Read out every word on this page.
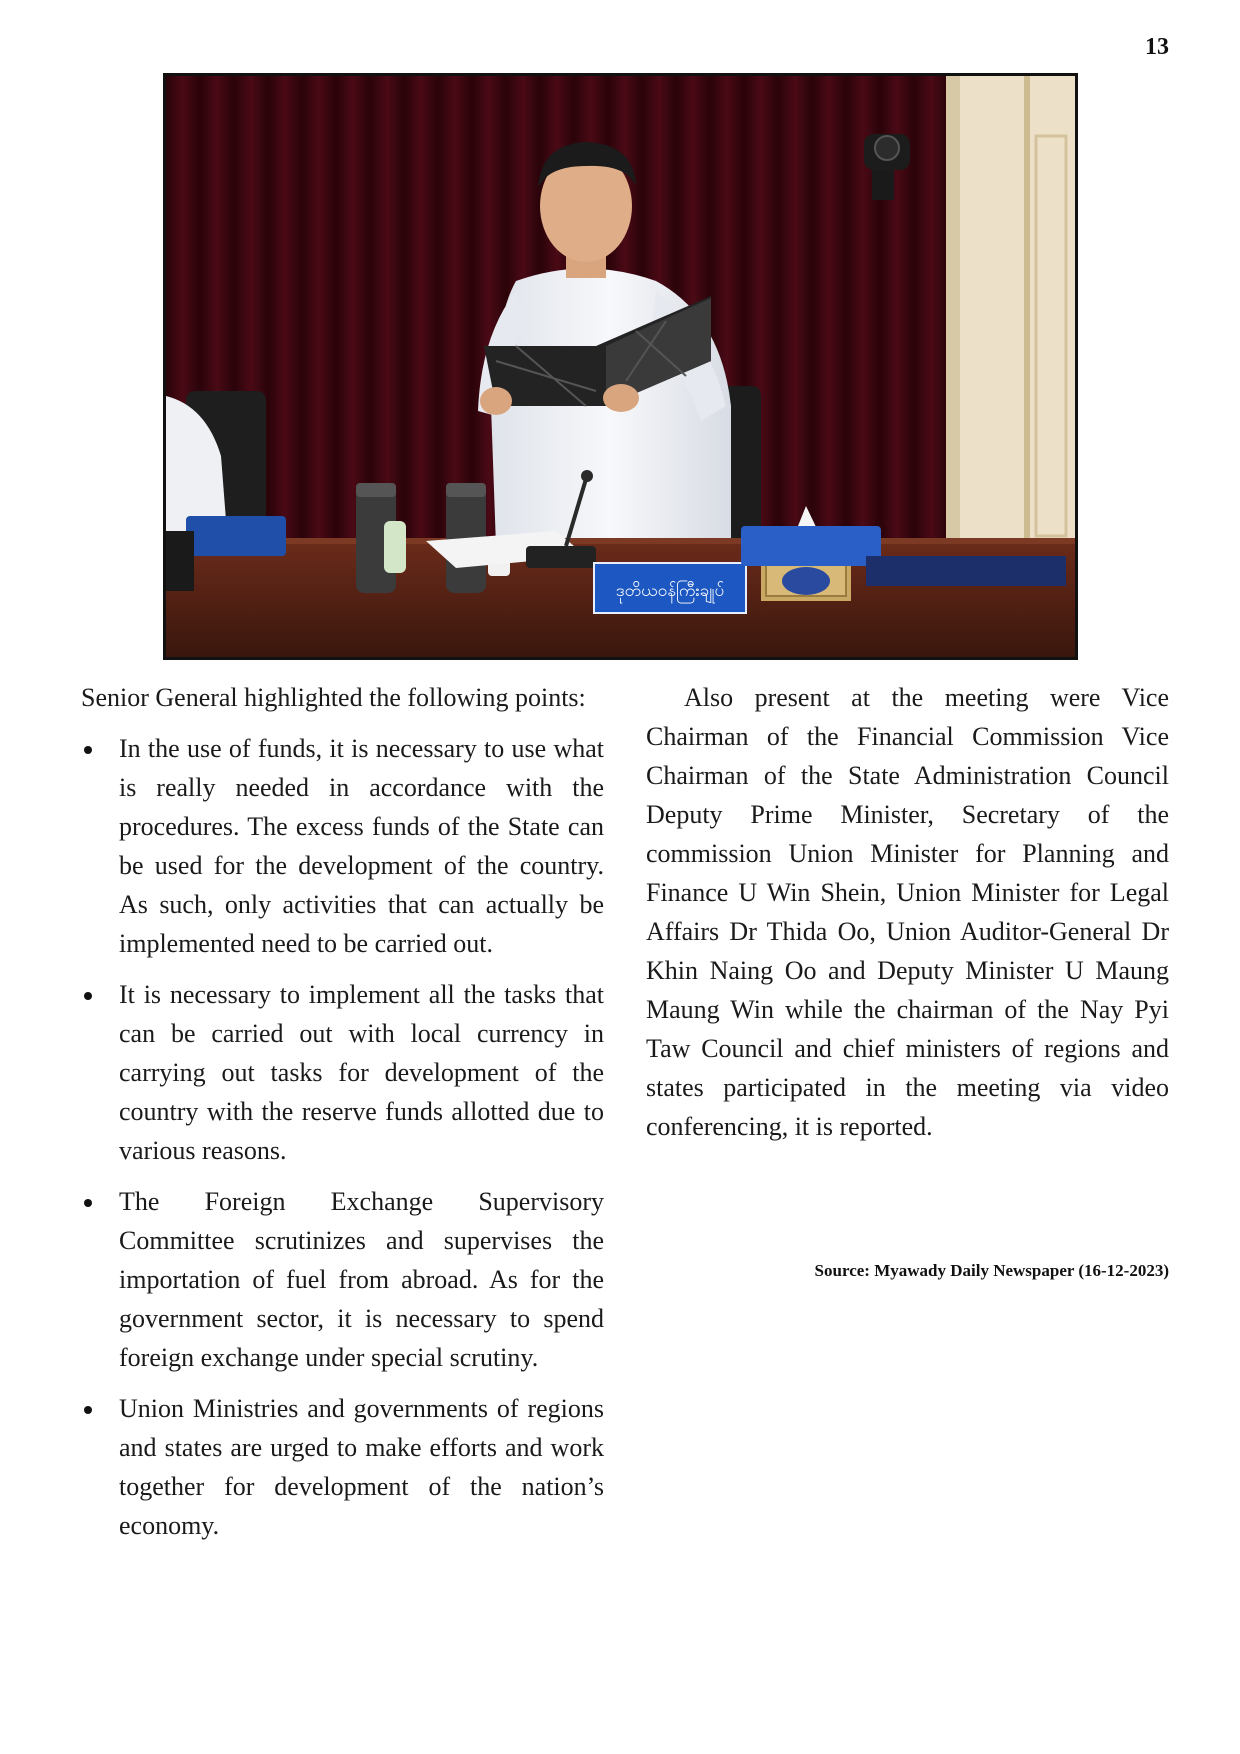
13
ဒုတိယဝန်ကြီးချုပ်

Senior General highlighted the following points:

In the use of funds, it is necessary to use what is really needed in accordance with the procedures. The excess funds of the State can be used for the development of the country. As such, only activities that can actually be implemented need to be carried out.
It is necessary to implement all the tasks that can be carried out with local currency in carrying out tasks for development of the country with the reserve funds allotted due to various reasons.
The Foreign Exchange Supervisory Committee scrutinizes and supervises the importation of fuel from abroad. As for the government sector, it is necessary to spend foreign exchange under special scrutiny.
Union Ministries and governments of regions and states are urged to make efforts and work together for development of the nation’s economy.

Also present at the meeting were Vice Chairman of the Financial Commission Vice Chairman of the State Administration Council Deputy Prime Minister, Secretary of the commission Union Minister for Planning and Finance U Win Shein, Union Minister for Legal Affairs Dr Thida Oo, Union Auditor-General Dr Khin Naing Oo and Deputy Minister U Maung Maung Win while the chairman of the Nay Pyi Taw Council and chief ministers of regions and states participated in the meeting via video conferencing, it is reported.

Source: Myawady Daily Newspaper (16-12-2023)
